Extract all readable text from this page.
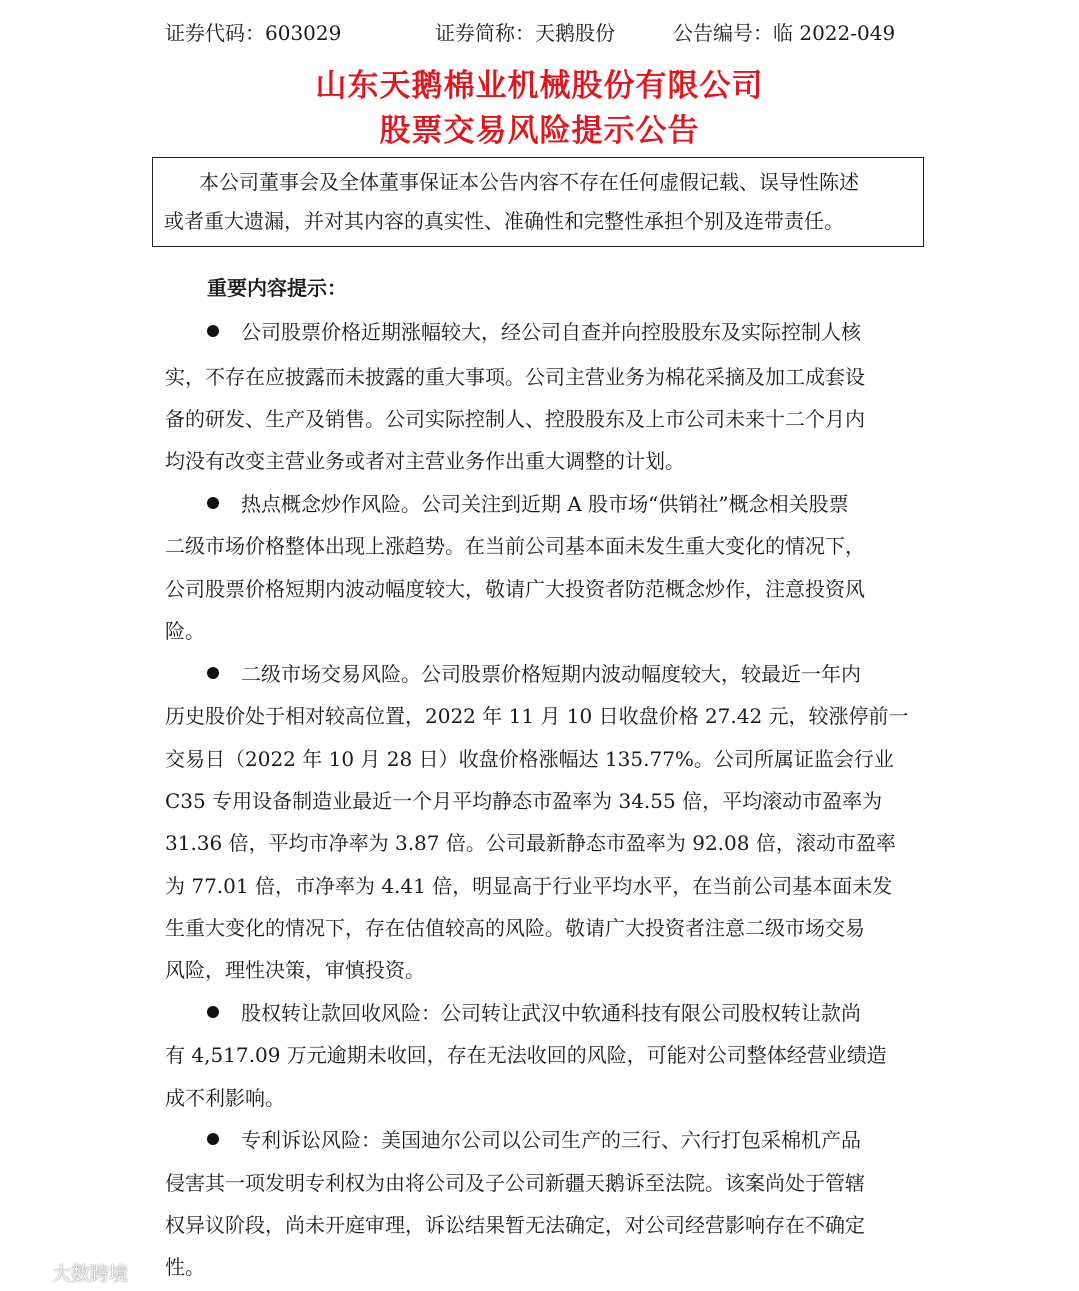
证券代码：603029	证券简称：天鹅股份	公告编号：临 2022-049
山东天鹅棉业机械股份有限公司
股票交易风险提示公告
本公司董事会及全体董事保证本公告内容不存在任何虚假记载、误导性陈述
或者重大遗漏，并对其内容的真实性、准确性和完整性承担个别及连带责任。
重要内容提示：
公司股票价格近期涨幅较大，经公司自查并向控股股东及实际控制人核
实，不存在应披露而未披露的重大事项。公司主营业务为棉花采摘及加工成套设
备的研发、生产及销售。公司实际控制人、控股股东及上市公司未来十二个月内
均没有改变主营业务或者对主营业务作出重大调整的计划。
热点概念炒作风险。公司关注到近期 A 股市场“供销社”概念相关股票
二级市场价格整体出现上涨趋势。在当前公司基本面未发生重大变化的情况下，
公司股票价格短期内波动幅度较大，敬请广大投资者防范概念炒作，注意投资风
险。
二级市场交易风险。公司股票价格短期内波动幅度较大，较最近一年内
历史股价处于相对较高位置，2022 年 11 月 10 日收盘价格 27.42 元，较涨停前一
交易日（2022 年 10 月 28 日）收盘价格涨幅达 135.77%。公司所属证监会行业
C35 专用设备制造业最近一个月平均静态市盈率为 34.55 倍，平均滚动市盈率为
31.36 倍，平均市净率为 3.87 倍。公司最新静态市盈率为 92.08 倍，滚动市盈率
为 77.01 倍，市净率为 4.41 倍，明显高于行业平均水平，在当前公司基本面未发
生重大变化的情况下，存在估值较高的风险。敬请广大投资者注意二级市场交易
风险，理性决策，审慎投资。
股权转让款回收风险：公司转让武汉中软通科技有限公司股权转让款尚
有 4,517.09 万元逾期未收回，存在无法收回的风险，可能对公司整体经营业绩造
成不利影响。
专利诉讼风险：美国迪尔公司以公司生产的三行、六行打包采棉机产品
侵害其一项发明专利权为由将公司及子公司新疆天鹅诉至法院。该案尚处于管辖
权异议阶段，尚未开庭审理，诉讼结果暂无法确定，对公司经营影响存在不确定
性。
大数跨境
